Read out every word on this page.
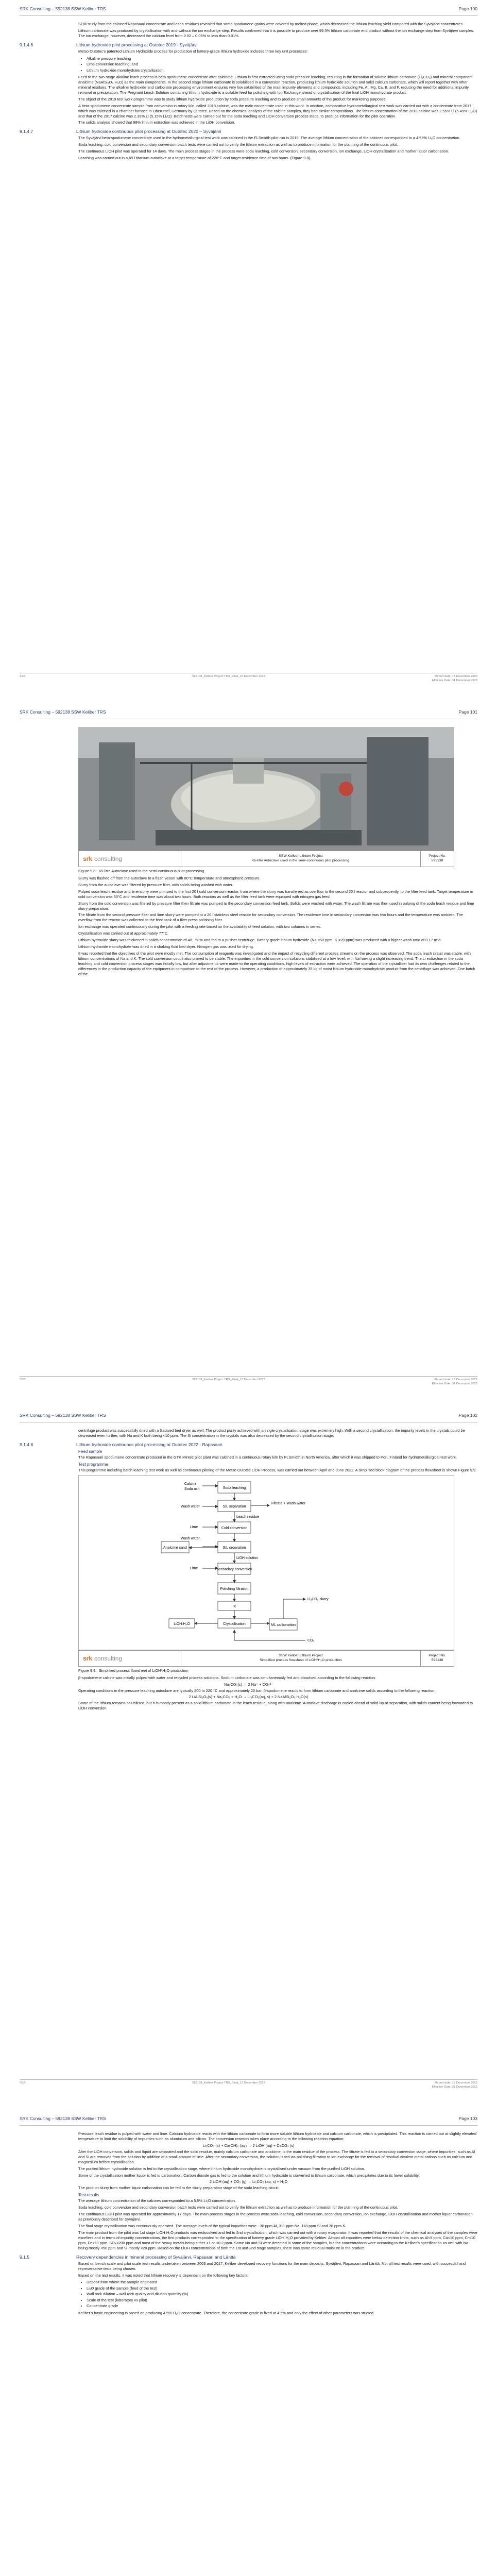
SRK Consulting – 592138 SSW Keliber TRS	Page 100

SEM study from the calcined Rapasaari concentrate and leach residues revealed that some spodumene grains were covered by melted phase, which decreased the lithium leaching yield compared with the Syväjärvi concentrates.

Lithium carbonate was produced by crystallisation with and without the ion exchange step. Results confirmed that it is possible to produce over 99.5% lithium carbonate end product without the ion exchange step from Syväjärvi samples. The ion exchange, however, decreased the calcium level from 0.02 – 0.05% to less than 0.01%.

9.1.4.6	Lithium hydroxide pilot processing at Outotec 2019 - Syväjärvi

Metso Outotec’s patented Lithium Hydroxide process for production of battery-grade lithium hydroxide includes three key unit processes:

• Alkaline pressure leaching
• Lime conversion leaching; and
• Lithium hydroxide monohydrate crystallisation.

Feed to the two-stage alkaline leach process is beta-spodumene concentrate after calcining. Lithium is first extracted using soda pressure leaching, resulting in the formation of soluble lithium carbonate (Li₂CO₃) and mineral component analcime (NaAlSi₂O₆·H₂O) as the main components. In the second stage lithium carbonate is solubilised in a conversion reaction, producing lithium hydroxide solution and solid calcium carbonate, which will report together with other mineral residues. The alkaline hydroxide and carbonate processing environment ensures very low solubilities of the main impurity elements and compounds, including Fe, Al, Mg, Ca, B, and P, reducing the need for additional impurity removal or precipitation. The Pregnant Leach Solution containing lithium hydroxide is a suitable feed for polishing with Ion Exchange ahead of crystallisation of the final LiOH monohydrate product.

The object of the 2019 test work programme was to study lithium hydroxide production by soda pressure leaching and to produce small amounts of the product for marketing purposes.

A beta-spodumene concentrate sample from conversion in rotary kiln, called 2018 calcine, was the main concentrate used in this work. In addition, comparative hydrometallurgical test work was carried out with a concentrate from 2017, which was calcined in a chamber furnace in Oberursel, Germany by Outotec. Based on the chemical analysis of the calcine samples, they had similar compositions. The lithium concentration of the 2016 calcine was 2.55% Li (5.49% Li₂O) and that of the 2017 calcine was 2.39% Li (5.15% Li₂O). Batch tests were carried out for the soda leaching and LiOH conversion process steps, to produce information for the pilot operation.

The solids analysis showed that 98% lithium extraction was achieved in the LiOH conversion.

9.1.4.7	Lithium hydroxide continuous pilot processing at Outotec 2020 – Syväjärvi

The Syväjärvi beta-spodumene concentrate used in the hydrometallurgical test work was calcined in the FLSmidth pilot run in 2019. The average lithium concentration of the calcines corresponded to a 4.53% Li₂O concentration.

Soda leaching, cold conversion and secondary conversion batch tests were carried out to verify the lithium extraction as well as to produce information for the planning of the continuous pilot.

The continuous LiOH pilot was operated for 14 days. The main process stages in the process were soda leaching, cold conversion, secondary conversion, ion exchange, LiOH crystallisation and mother liquor carbonation.

Leaching was carried out in a 65 l titanium autoclave at a target temperature of 220°C and target residence time of two hours. (Figure 9.8).

SSS	592138_Keliber Project TRS_Final_13 December 2023	Report date: 13 December 2023
Effective Date: 31 December 2023
SRK Consulting – 592138 SSW Keliber TRS	Page 101
srk consulting	SSW Keliber Lithium Project
65-litre Autoclave used in the semi-continuous pilot processing
Project No.
592138

Figure 9.8: 65-litre Autoclave used in the semi-continuous pilot processing

Slurry was flashed off from the autoclave to a flash vessel with 80°C temperature and atmospheric pressure.

Slurry from the autoclave was filtered by pressure filter, with solids being washed with water.

Pulped soda leach residue and lime slurry were pumped to the first 20 l cold conversion reactor, from where the slurry was transferred as overflow to the second 20 l reactor and subsequently, to the filter feed tank. Target temperature in cold conversion was 30°C and residence time was about two hours. Both reactors as well as the filter feed tank were equipped with nitrogen gas feed.

Slurry from the cold conversion was filtered by pressure filter then filtrate was pumped to the secondary conversion feed tank. Solids were washed with water. The wash filtrate was then used in pulping of the soda leach residue and lime slurry preparation.

The filtrate from the second pressure filter and lime slurry were pumped to a 20 l stainless steel reactor for secondary conversion. The residence time in secondary conversion was two hours and the temperature was ambient. The overflow from the reactor was collected to the feed tank of a filter press polishing filter.

Ion exchange was operated continuously during the pilot with a feeding rate based on the availability of feed solution, with two columns in series.

Crystallisation was carried out at approximately 77°C.

Lithium hydroxide slurry was thickened in solids concentration of 40 - 50% and fed to a pusher centrifuge. Battery-grade lithium hydroxide (Na <50 ppm, K <20 ppm) was produced with a higher wash ratio of 0.17 m³/t.

Lithium hydroxide monohydrate was dried in a shaking fluid bed dryer. Nitrogen gas was used for drying.

It was reported that the objectives of the pilot were mostly met. The consumption of reagents was investigated and the impact of recycling different process streams on the process was observed. The soda leach circuit was stable, with lithium concentrations of Na and K. The cold conversion circuit also proved to be stable. The impurities in the cold conversion solutions stabilised at a low level, with Na having a slight increasing trend. The Li extraction in the soda leaching and cold conversion process stages was initially low, but after adjustments were made to the operating conditions, high levels of extraction were achieved. The operation of the crystalliser had its own challenges related to the differences in the production capacity of the equipment in comparison to the rest of the process. However, a production of approximately 35 kg of moist lithium hydroxide monohydrate product from the centrifuge was achieved. One batch of the

SSS	592138_Keliber Project TRS_Final_13 December 2023	Report date: 13 December 2023
Effective Date: 31 December 2023
SRK Consulting – 592138 SSW Keliber TRS	Page 102

centrifuge product was successfully dried with a fluidised bed dryer as well. The product purity achieved with a single crystallisation stage was extremely high. With a second crystallisation, the impurity levels in the crystals could be decreased even further, with Na and K both being <10 ppm. The Si concentration in the crystals was also decreased by the second crystallisation stage.

9.1.4.8	Lithium hydroxide continuous pilot processing at Outotec 2022 - Rapasaari
Feed sample

The Rapasaari spodumene concentrate produced in the GTK Mintec pilot plant was calcined in a continuous rotary kiln by FLSmidth in North America, after which it was shipped to Pori, Finland for hydrometallurgical test work.

Test programme

This programme including batch leaching test work as well as continuous piloting of the Metso Outotec LiOH Process, was carried out between April and June 2022. A simplified block diagram of the process flowsheet is shown Figure 9.9.

Calcine
Soda ash	Soda leaching
Filtrate + Wash water
Wash water	S/L separation
Leach residue
Lime	Cold conversion
Wash water
S/L separation
Analcime sand
LiOH solution
Lime	Secondary conversion
Polishing filtration
IX
Crystallisation
LiOH·H₂O	ML carbonation
Li₂CO₃ slurry
CO₂
srk consulting	SSW Keliber Lithium Project
Simplified process flowsheet of LiOH*H₂O production
Project No.
592138

Figure 9.9: Simplified process flowsheet of LiOH*H₂O production

β-spodumene calcine was initially pulped with water and recycled process solutions. Sodium carbonate was simultaneously fed and dissolved according to the following reaction:

Na₂CO₃(s) → 2 Na⁺ + CO₃²⁻

Operating conditions in the pressure leaching autoclave are typically 200 to 220 °C and approximately 20 bar. β-spodumene reacts to form lithium carbonate and analcime solids according to the following reaction:

2 LiAlSi₂O₆(s) + Na₂CO₃ + H₂O → Li₂CO₃(aq, s) + 2 NaAlSi₂O₆·H₂O(s)

Some of the lithium remains solubilised, but it is mostly present as a solid lithium carbonate in the leach residue, along with analcime. Autoclave discharge is cooled ahead of solid-liquid separation, with solids content being forwarded to LiOH conversion.

SSS	592138_Keliber Project TRS_Final_13 December 2023	Report date: 13 December 2023
Effective Date: 31 December 2023
SRK Consulting – 592138 SSW Keliber TRS	Page 103

Pressure leach residue is pulped with water and lime. Calcium hydroxide reacts with the lithium carbonate to form more soluble lithium hydroxide and calcium carbonate, which is precipitated. This reaction is carried out at slightly elevated temperature to limit the solubility of impurities such as aluminium and silicon. The conversion reaction takes place according to the following reaction equation:

Li₂CO₃ (s) + Ca(OH)₂ (aq) → 2 LiOH (aq) + CaCO₃ (s)

After the LiOH conversion, solids and liquid are separated and the solid residue, mainly calcium carbonate and analcime, is the main residue of the process. The filtrate is fed to a secondary conversion stage, where impurities, such as Al and Si are removed from the solution by addition of a small amount of lime. After the secondary conversion, the solution is fed via polishing filtration to ion exchange for the removal of residual divalent metal cations such as calcium and magnesium before crystallisation.

The purified lithium hydroxide solution is fed to the crystallisation stage, where lithium hydroxide monohydrate is crystallised under vacuum from the purified LiOH solution.

Some of the crystallisation mother liquor is fed to carbonation. Carbon dioxide gas is fed to the solution and lithium hydroxide is converted to lithium carbonate, which precipitates due to its lower solubility:

2 LiOH (aq) + CO₂ (g) → Li₂CO₃ (aq, s) + H₂O

The product slurry from mother liquor carbonation can be fed to the slurry preparation stage of the soda leaching circuit.

Test results

The average lithium concentration of the calcines corresponded to a 5.5% Li₂O concentration.

Soda leaching, cold conversion and secondary conversion batch tests were carried out to verify the lithium extraction as well as to produce information for the planning of the continuous pilot.

The continuous LiOH pilot was operated for approximately 17 days. The main process stages in the process were soda leaching, cold conversion, secondary conversion, ion exchange, LiOH crystallisation and mother liquor carbonation as previously described for Syväjärvi.

The final stage crystallisation was continuously operated. The average levels of the typical impurities were ~30 ppm Al, 311 ppm Na, 118 ppm Si and 38 ppm K.

The main product from the pilot was 1st stage LiOH·H₂O products was redissolved and fed to 2nd crystallisation, which was carried out with a rotary evaporator. It was reported that the results of the chemical analyses of the samples were excellent and in terms of impurity concentrations, the first products corresponded to the specification of battery grade LiOH·H₂O provided by Keliber. Almost all impurities were below detection limits, such as Al<5 ppm, Ca<10 ppm, Cr<10 ppm, Fe<50 ppm, SO₄<200 ppm and most of the heavy metals being either <1 or <0.2 ppm. Some Na and Si were detected in some of the samples, but the concentrations were according to the Keliber’s specification as well with Na being mostly <50 ppm and Si mostly <20 ppm. Based on the LiOH concentrations of both the 1st and 2nd stage samples, there was some residual moisture in the product.

9.1.5	Recovery dependencies in mineral processing of Syväjärvi, Rapasaari and Länttä

Based on bench scale and pilot scale test results undertaken between 2003 and 2017, Keliber developed recovery functions for the main deposits, Syväjärvi, Rapasaari and Länttä. Not all test results were used, with successful and representative tests being chosen.

Based on the test results, it was noted that lithium recovery is dependent on the following key factors:

• Deposit from where the sample originated
• Li₂O grade of the sample (feed of the test)
• Wall rock dilution – wall rock quality and dilution quantity (%)
• Scale of the test (laboratory vs pilot)
• Concentrate grade

Keliber’s basic engineering is based on producing 4.5% Li₂O concentrate. Therefore, the concentrate grade is fixed at 4.5% and only the effect of other parameters was studied.
